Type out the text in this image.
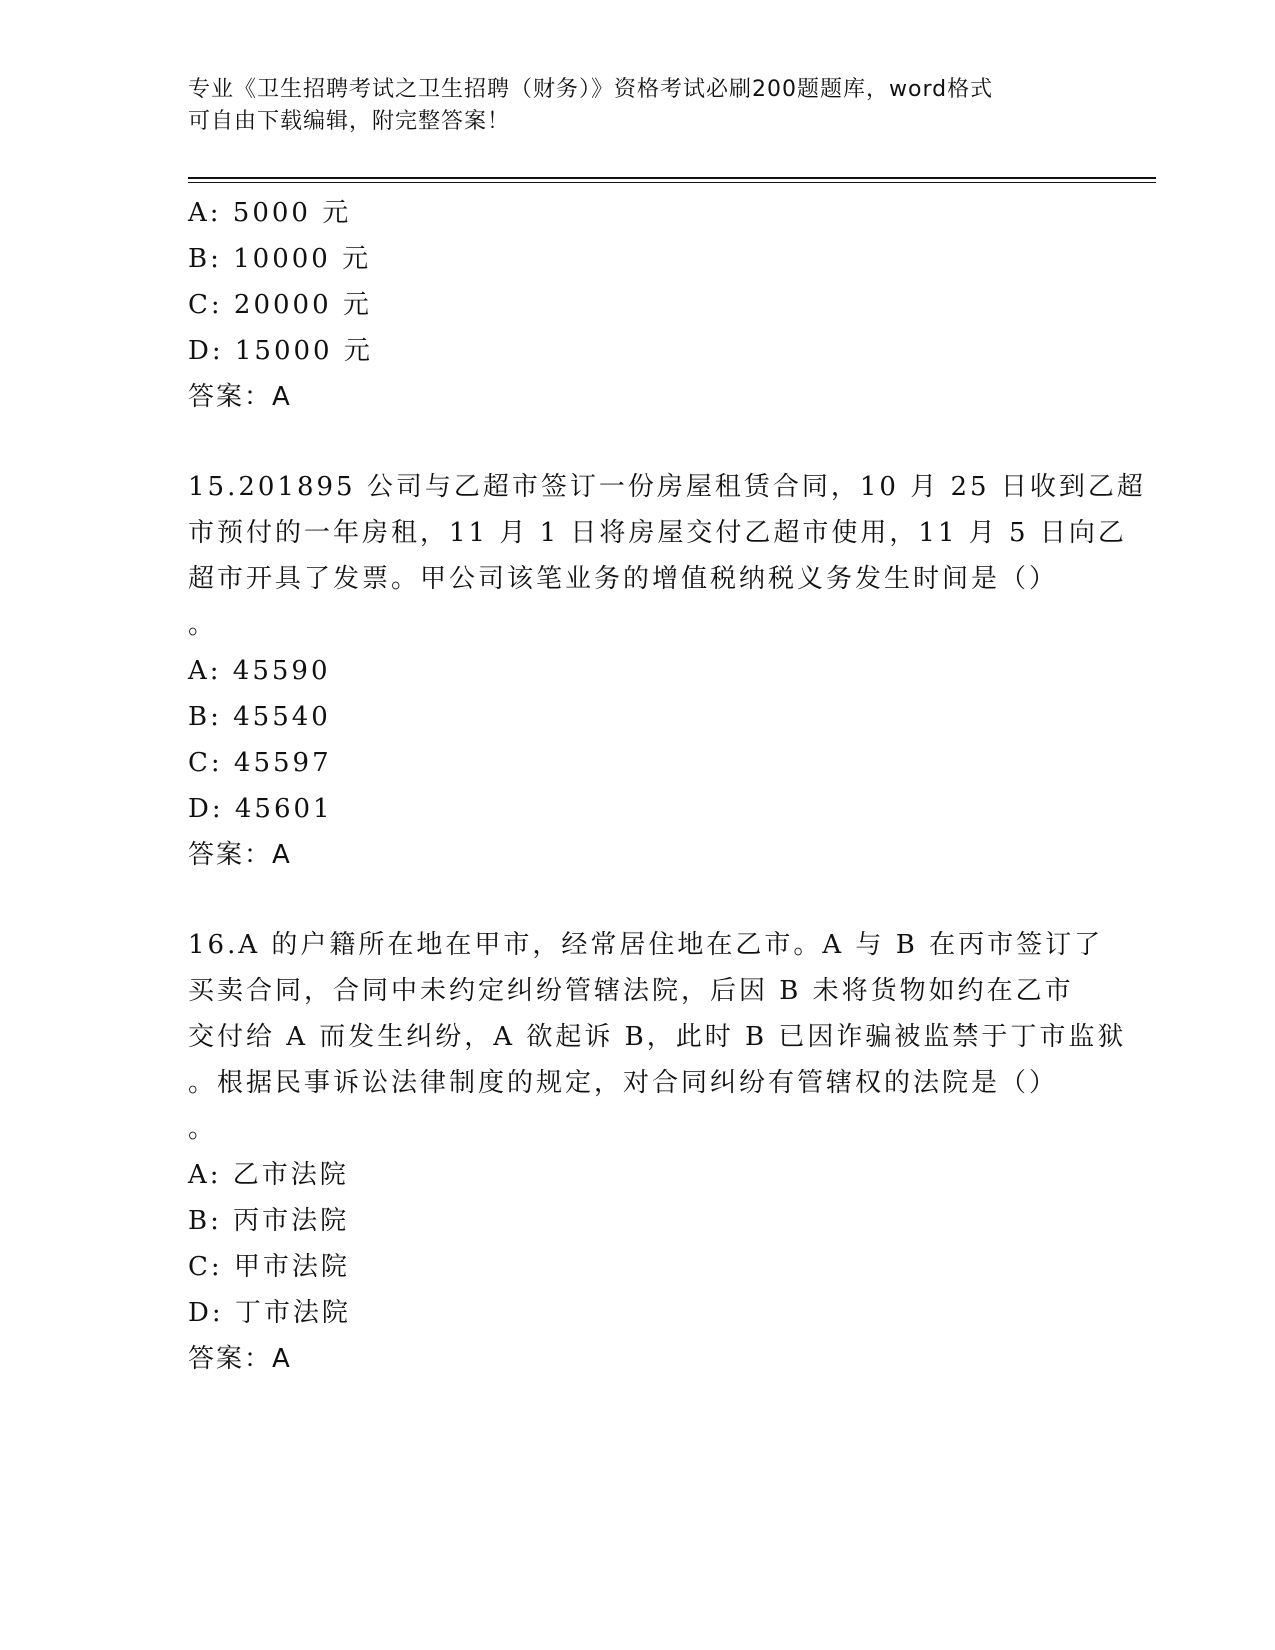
专业《卫生招聘考试之卫生招聘（财务）》资格考试必刷200题题库，word格式
可自由下载编辑，附完整答案！
A: 5000 元
B: 10000 元
C: 20000 元
D: 15000 元
答案：A
15.201895 公司与乙超市签订一份房屋租赁合同，10 月 25 日收到乙超
市预付的一年房租，11 月 1 日将房屋交付乙超市使用，11 月 5 日向乙
超市开具了发票。甲公司该笔业务的增值税纳税义务发生时间是（）
。
A: 45590
B: 45540
C: 45597
D: 45601
答案：A
16.A 的户籍所在地在甲市，经常居住地在乙市。A 与 B 在丙市签订了
买卖合同，合同中未约定纠纷管辖法院，后因 B 未将货物如约在乙市
交付给 A 而发生纠纷，A 欲起诉 B，此时 B 已因诈骗被监禁于丁市监狱
。根据民事诉讼法律制度的规定，对合同纠纷有管辖权的法院是（）
。
A: 乙市法院
B: 丙市法院
C: 甲市法院
D: 丁市法院
答案：A
